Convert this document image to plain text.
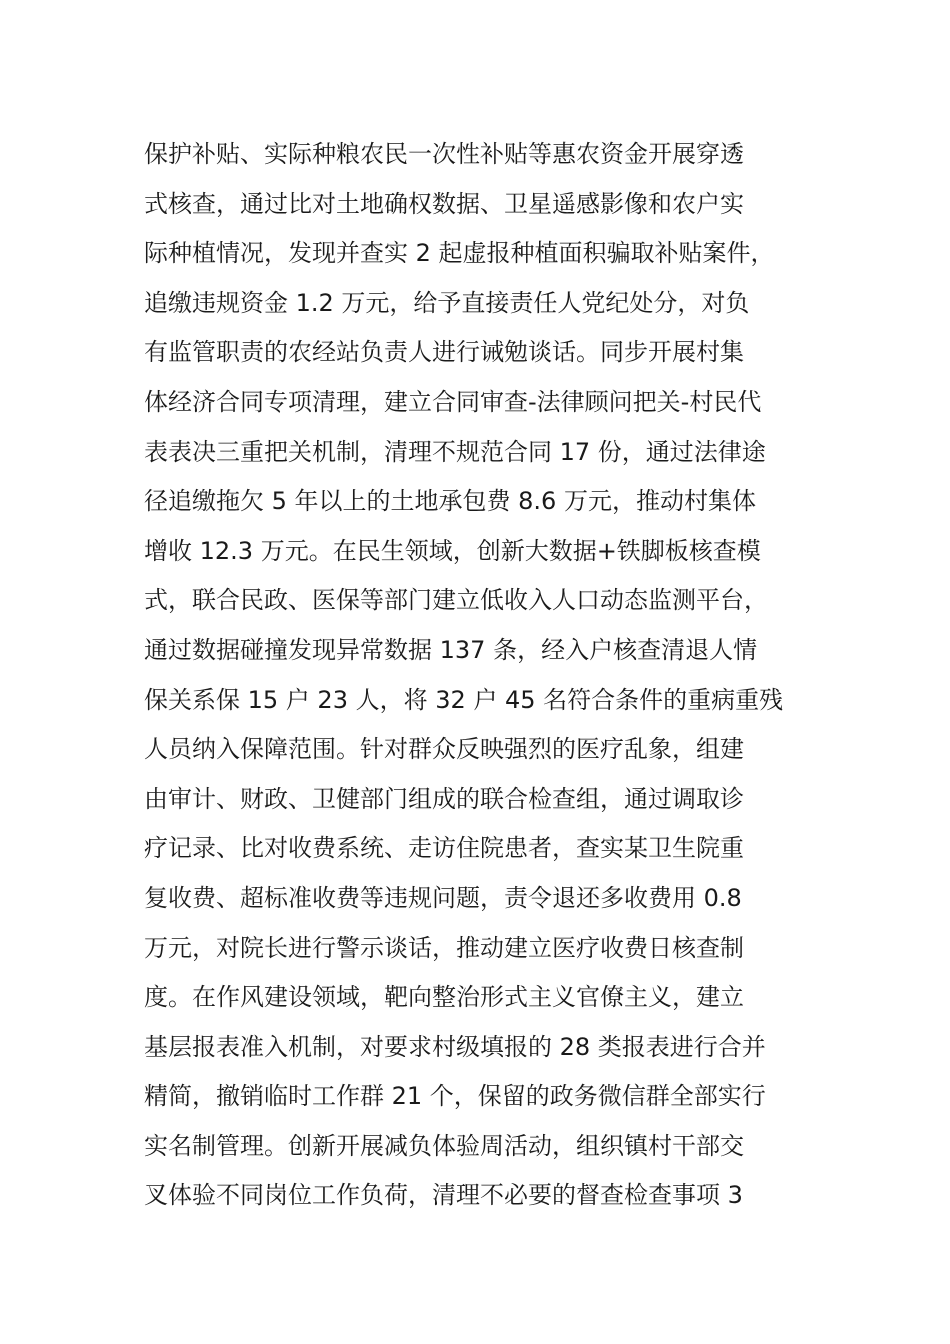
保护补贴、实际种粮农民一次性补贴等惠农资金开展穿透
式核查，通过比对土地确权数据、卫星遥感影像和农户实
际种植情况，发现并查实 2 起虚报种植面积骗取补贴案件，
追缴违规资金 1.2 万元，给予直接责任人党纪处分，对负
有监管职责的农经站负责人进行诫勉谈话。同步开展村集
体经济合同专项清理，建立合同审查-法律顾问把关-村民代
表表决三重把关机制，清理不规范合同 17 份，通过法律途
径追缴拖欠 5 年以上的土地承包费 8.6 万元，推动村集体
增收 12.3 万元。在民生领域，创新大数据+铁脚板核查模
式，联合民政、医保等部门建立低收入人口动态监测平台，
通过数据碰撞发现异常数据 137 条，经入户核查清退人情
保关系保 15 户 23 人，将 32 户 45 名符合条件的重病重残
人员纳入保障范围。针对群众反映强烈的医疗乱象，组建
由审计、财政、卫健部门组成的联合检查组，通过调取诊
疗记录、比对收费系统、走访住院患者，查实某卫生院重
复收费、超标准收费等违规问题，责令退还多收费用 0.8
万元，对院长进行警示谈话，推动建立医疗收费日核查制
度。在作风建设领域，靶向整治形式主义官僚主义，建立
基层报表准入机制，对要求村级填报的 28 类报表进行合并
精简，撤销临时工作群 21 个，保留的政务微信群全部实行
实名制管理。创新开展减负体验周活动，组织镇村干部交
叉体验不同岗位工作负荷，清理不必要的督查检查事项 3
